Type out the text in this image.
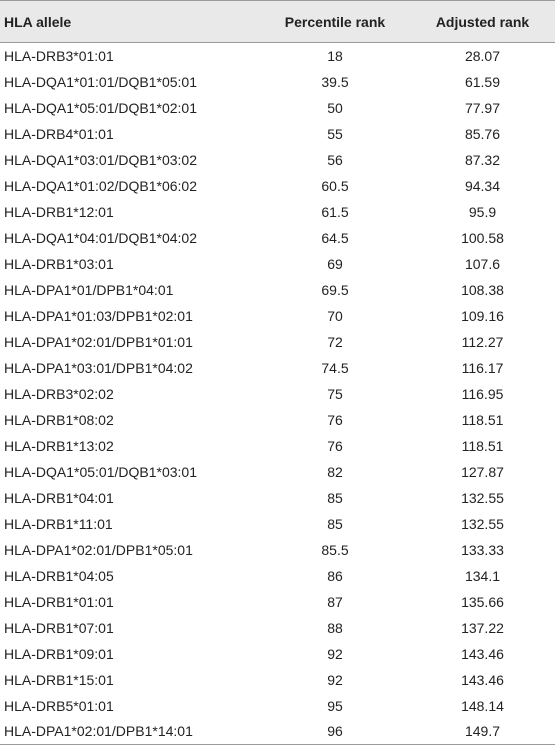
HLA allele	Percentile rank	Adjusted rank
HLA-DRB3*01:01	18	28.07
HLA-DQA1*01:01/DQB1*05:01	39.5	61.59
HLA-DQA1*05:01/DQB1*02:01	50	77.97
HLA-DRB4*01:01	55	85.76
HLA-DQA1*03:01/DQB1*03:02	56	87.32
HLA-DQA1*01:02/DQB1*06:02	60.5	94.34
HLA-DRB1*12:01	61.5	95.9
HLA-DQA1*04:01/DQB1*04:02	64.5	100.58
HLA-DRB1*03:01	69	107.6
HLA-DPA1*01/DPB1*04:01	69.5	108.38
HLA-DPA1*01:03/DPB1*02:01	70	109.16
HLA-DPA1*02:01/DPB1*01:01	72	112.27
HLA-DPA1*03:01/DPB1*04:02	74.5	116.17
HLA-DRB3*02:02	75	116.95
HLA-DRB1*08:02	76	118.51
HLA-DRB1*13:02	76	118.51
HLA-DQA1*05:01/DQB1*03:01	82	127.87
HLA-DRB1*04:01	85	132.55
HLA-DRB1*11:01	85	132.55
HLA-DPA1*02:01/DPB1*05:01	85.5	133.33
HLA-DRB1*04:05	86	134.1
HLA-DRB1*01:01	87	135.66
HLA-DRB1*07:01	88	137.22
HLA-DRB1*09:01	92	143.46
HLA-DRB1*15:01	92	143.46
HLA-DRB5*01:01	95	148.14
HLA-DPA1*02:01/DPB1*14:01	96	149.7
